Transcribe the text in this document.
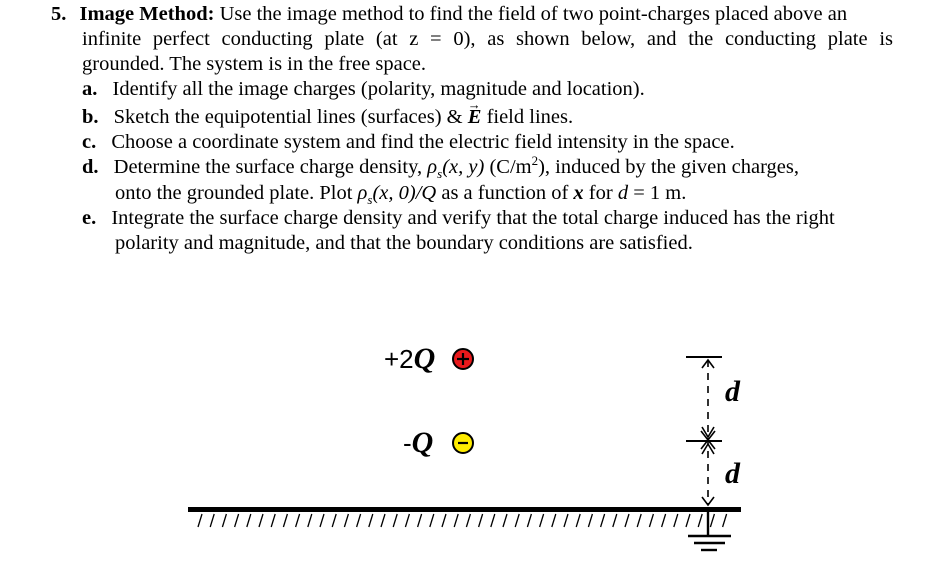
5. Image Method: Use the image method to find the field of two point-charges placed above an
infinite perfect conducting plate (at z = 0), as shown below, and the conducting plate is
grounded. The system is in the free space.
a. Identify all the image charges (polarity, magnitude and location).
b. Sketch the equipotential lines (surfaces) & → E field lines.
c. Choose a coordinate system and find the electric field intensity in the space.
d. Determine the surface charge density, $\rho_s(x$, y) $(C/m^2)$, induced by the given charges,
onto the grounded plate. Plot $\rho_s(x$, 0)/Q as a function of x for d = 1 m.
e. Integrate the surface charge density and verify that the total charge induced has the right
polarity and magnitude, and that the boundary conditions are satisfied.
+2Q
-Q
d
d
